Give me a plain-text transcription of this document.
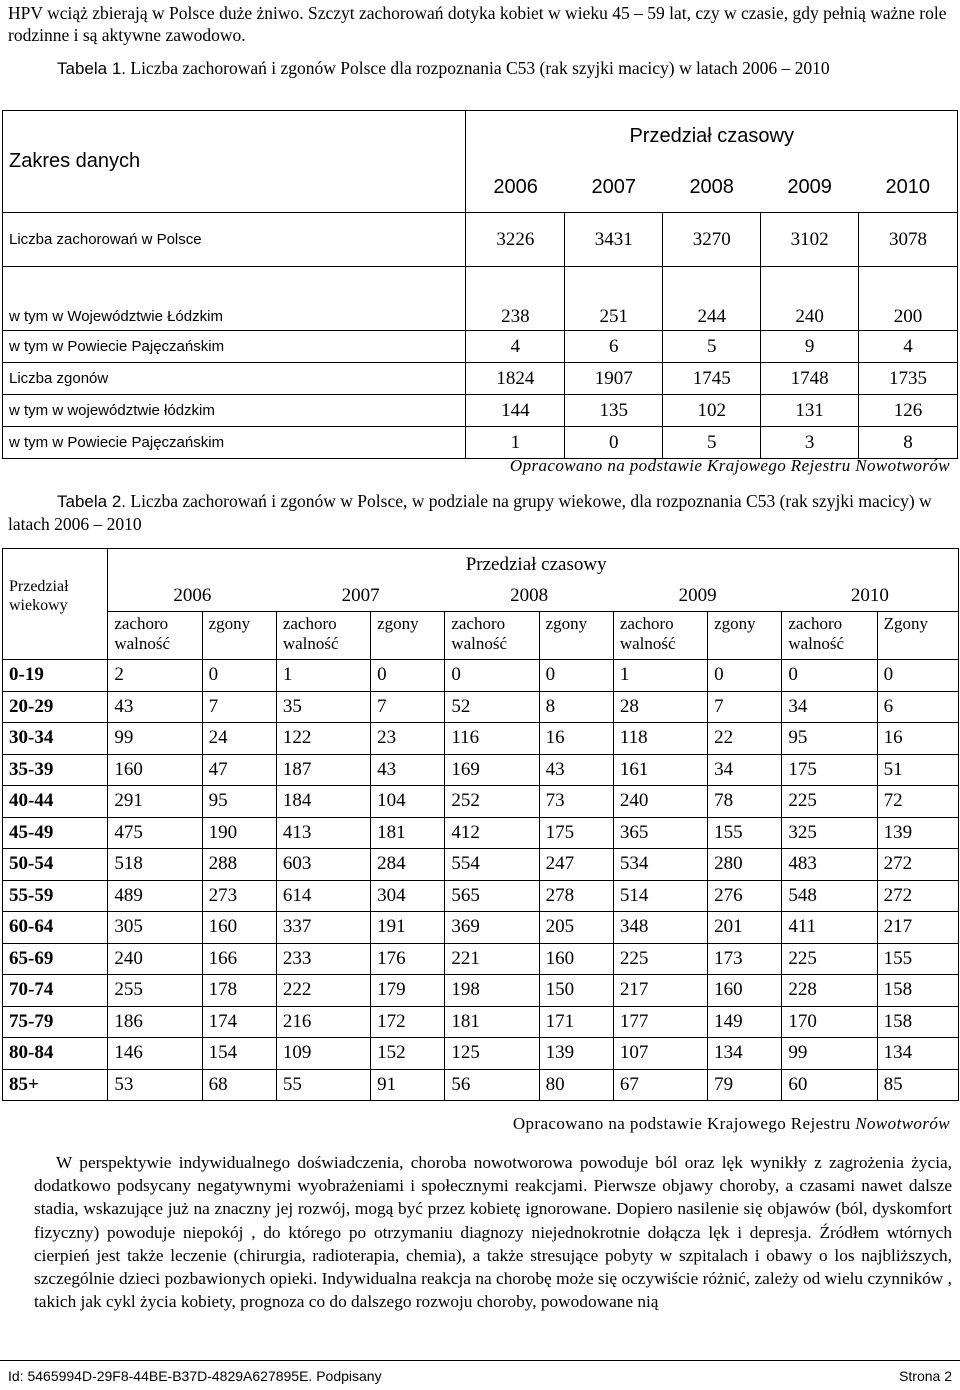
HPV wciąż zbierają w Polsce duże żniwo. Szczyt zachorowań dotyka kobiet w wieku 45 – 59 lat, czy w czasie, gdy pełnią ważne role rodzinne i są aktywne zawodowo.

Tabela 1. Liczba zachorowań i zgonów Polsce dla rozpoznania C53 (rak szyjki macicy) w latach 2006 – 2010

Zakres danych	Przedział czasowy				
	2006	2007	2008	2009	2010
Liczba zachorowań w Polsce	3226	3431	3270	3102	3078
w tym w Województwie Łódzkim	238	251	244	240	200
w tym w Powiecie Pajęczańskim	4	6	5	9	4
Liczba zgonów	1824	1907	1745	1748	1735
w tym w województwie łódzkim	144	135	102	131	126
w tym w Powiecie Pajęczańskim	1	0	5	3	8

Opracowano na podstawie Krajowego Rejestru Nowotworów

Tabela 2. Liczba zachorowań i zgonów w Polsce, w podziale na grupy wiekowe, dla rozpoznania C53 (rak szyjki macicy) w latach 2006 – 2010

Przedział wiekowy	Przedział czasowy									
	2006		2007		2008		2009		2010	
	zachoro walność	zgony	zachoro walność	zgony	zachoro walność	zgony	zachoro walność	zgony	zachoro walność	Zgony
0-19	2	0	1	0	0	0	1	0	0	0
20-29	43	7	35	7	52	8	28	7	34	6
30-34	99	24	122	23	116	16	118	22	95	16
35-39	160	47	187	43	169	43	161	34	175	51
40-44	291	95	184	104	252	73	240	78	225	72
45-49	475	190	413	181	412	175	365	155	325	139
50-54	518	288	603	284	554	247	534	280	483	272
55-59	489	273	614	304	565	278	514	276	548	272
60-64	305	160	337	191	369	205	348	201	411	217
65-69	240	166	233	176	221	160	225	173	225	155
70-74	255	178	222	179	198	150	217	160	228	158
75-79	186	174	216	172	181	171	177	149	170	158
80-84	146	154	109	152	125	139	107	134	99	134
85+	53	68	55	91	56	80	67	79	60	85

Opracowano na podstawie Krajowego Rejestru Nowotworów

W perspektywie indywidualnego doświadczenia, choroba nowotworowa powoduje ból oraz lęk wynikły z zagrożenia życia, dodatkowo podsycany negatywnymi wyobrażeniami i społecznymi reakcjami. Pierwsze objawy choroby, a czasami nawet dalsze stadia, wskazujące już na znaczny jej rozwój, mogą być przez kobietę ignorowane. Dopiero nasilenie się objawów (ból, dyskomfort fizyczny) powoduje niepokój , do którego po otrzymaniu diagnozy niejednokrotnie dołącza lęk i depresja. Źródłem wtórnych cierpień jest także leczenie (chirurgia, radioterapia, chemia), a także stresujące pobyty w szpitalach i obawy o los najbliższych, szczególnie dzieci pozbawionych opieki. Indywidualna reakcja na chorobę może się oczywiście różnić, zależy od wielu czynników , takich jak cykl życia kobiety, prognoza co do dalszego rozwoju choroby, powodowane nią

Id: 5465994D-29F8-44BE-B37D-4829A627895E. Podpisany	Strona 2
